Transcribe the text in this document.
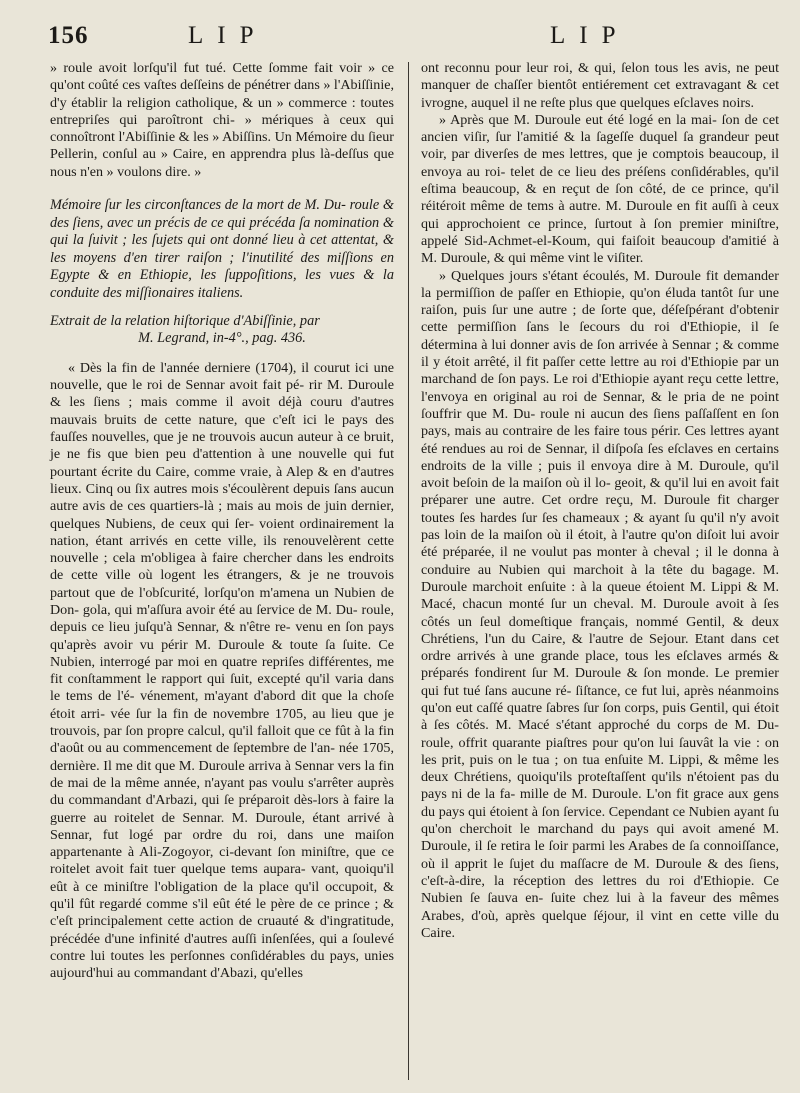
156	LIP	LIP

» roule avoit lorſqu'il fut tué. Cette ſomme fait voir » ce qu'ont coûté ces vaſtes deſſeins de pénétrer dans » l'Abiſſinie, d'y établir la religion catholique, & un » commerce : toutes entrepriſes qui paroîtront chi- » mériques à ceux qui connoîtront l'Abiſſinie & les » Abiſſins. Un Mémoire du ſieur Pellerin, conſul au » Caire, en apprendra plus là-deſſus que nous n'en » voulons dire. »

Mémoire ſur les circonſtances de la mort de M. Du- roule & des ſiens, avec un précis de ce qui précéda ſa nomination & qui la ſuivit ; les ſujets qui ont donné lieu à cet attentat, & les moyens d'en tirer raiſon ; l'inutilité des miſſions en Egypte & en Ethiopie, les ſuppoſitions, les vues & la conduite des miſſionaires italiens.

Extrait de la relation hiſtorique d'Abiſſinie, par
M. Legrand, in-4°., pag. 436.

« Dès la fin de l'année derniere (1704), il courut ici une nouvelle, que le roi de Sennar avoit fait pé- rir M. Duroule & les ſiens ; mais comme il avoit déjà couru d'autres mauvais bruits de cette nature, que c'eſt ici le pays des fauſſes nouvelles, que je ne trouvois aucun auteur à ce bruit, je ne fis que bien peu d'attention à une nouvelle qui fut pourtant écrite du Caire, comme vraie, à Alep & en d'autres lieux. Cinq ou ſix autres mois s'écoulèrent depuis ſans aucun autre avis de ces quartiers-là ; mais au mois de juin dernier, quelques Nubiens, de ceux qui ſer- voient ordinairement la nation, étant arrivés en cette ville, ils renouvelèrent cette nouvelle ; cela m'obligea à faire chercher dans les endroits de cette ville où logent les étrangers, & je ne trouvois partout que de l'obſcurité, lorſqu'on m'amena un Nubien de Don- gola, qui m'aſſura avoir été au ſervice de M. Du- roule, depuis ce lieu juſqu'à Sennar, & n'être re- venu en ſon pays qu'après avoir vu périr M. Duroule & toute ſa ſuite. Ce Nubien, interrogé par moi en quatre repriſes différentes, me fit conſtamment le rapport qui ſuit, excepté qu'il varia dans le tems de l'é- vénement, m'ayant d'abord dit que la choſe étoit arri- vée ſur la fin de novembre 1705, au lieu que je trouvois, par ſon propre calcul, qu'il falloit que ce fût à la fin d'août ou au commencement de ſeptembre de l'an- née 1705, dernière. Il me dit que M. Duroule arriva à Sennar vers la fin de mai de la même année, n'ayant pas voulu s'arrêter auprès du commandant d'Arbazi, qui ſe préparoit dès-lors à faire la guerre au roitelet de Sennar. M. Duroule, étant arrivé à Sennar, fut logé par ordre du roi, dans une maiſon appartenante à Ali-Zogoyor, ci-devant ſon miniſtre, que ce roitelet avoit fait tuer quelque tems aupara- vant, quoiqu'il eût à ce miniſtre l'obligation de la place qu'il occupoit, & qu'il fût regardé comme s'il eût été le père de ce prince ; & c'eſt principalement cette action de cruauté & d'ingratitude, précédée d'une infinité d'autres auſſi inſenſées, qui a ſoulevé contre lui toutes les perſonnes conſidérables du pays, unies aujourd'hui au commandant d'Abazi, qu'elles

ont reconnu pour leur roi, & qui, ſelon tous les avis, ne peut manquer de chaſſer bientôt entiérement cet extravagant & cet ivrogne, auquel il ne reſte plus que quelques eſclaves noirs.

» Après que M. Duroule eut été logé en la mai- ſon de cet ancien viſir, ſur l'amitié & la ſageſſe duquel ſa grandeur peut voir, par diverſes de mes lettres, que je comptois beaucoup, il envoya au roi- telet de ce lieu des préſens conſidérables, qu'il eſtima beaucoup, & en reçut de ſon côté, de ce prince, qu'il réitéroit même de tems à autre. M. Duroule en fit auſſi à ceux qui approchoient ce prince, ſurtout à ſon premier miniſtre, appelé Sid-Achmet-el-Koum, qui faiſoit beaucoup d'amitié à M. Duroule, & qui même vint le viſiter.

» Quelques jours s'étant écoulés, M. Duroule fit demander la permiſſion de paſſer en Ethiopie, qu'on éluda tantôt ſur une raiſon, puis ſur une autre ; de ſorte que, déſeſpérant d'obtenir cette permiſſion ſans le ſecours du roi d'Ethiopie, il ſe détermina à lui donner avis de ſon arrivée à Sennar ; & comme il y étoit arrêté, il fit paſſer cette lettre au roi d'Ethiopie par un marchand de ſon pays. Le roi d'Ethiopie ayant reçu cette lettre, l'envoya en original au roi de Sennar, & le pria de ne point ſouffrir que M. Du- roule ni aucun des ſiens paſſaſſent en ſon pays, mais au contraire de les faire tous périr. Ces lettres ayant été rendues au roi de Sennar, il diſpoſa ſes eſclaves en certains endroits de la ville ; puis il envoya dire à M. Duroule, qu'il avoit beſoin de la maiſon où il lo- geoit, & qu'il lui en avoit fait préparer une autre. Cet ordre reçu, M. Duroule fit charger toutes ſes hardes ſur ſes chameaux ; & ayant ſu qu'il n'y avoit pas loin de la maiſon où il étoit, à l'autre qu'on diſoit lui avoir été préparée, il ne voulut pas monter à cheval ; il le donna à conduire au Nubien qui marchoit à la tête du bagage. M. Duroule marchoit enſuite : à la queue étoient M. Lippi & M. Macé, chacun monté ſur un cheval. M. Duroule avoit à ſes côtés un ſeul domeſtique français, nommé Gentil, & deux Chrétiens, l'un du Caire, & l'autre de Sejour. Etant dans cet ordre arrivés à une grande place, tous les eſclaves armés & préparés fondirent ſur M. Duroule & ſon monde. Le premier qui fut tué ſans aucune ré- ſiſtance, ce fut lui, après néanmoins qu'on eut caſſé quatre ſabres ſur ſon corps, puis Gentil, qui étoit à ſes côtés. M. Macé s'étant approché du corps de M. Du- roule, offrit quarante piaſtres pour qu'on lui ſauvât la vie : on les prit, puis on le tua ; on tua enſuite M. Lippi, & même les deux Chrétiens, quoiqu'ils proteſtaſſent qu'ils n'étoient pas du pays ni de la fa- mille de M. Duroule. L'on fit grace aux gens du pays qui étoient à ſon ſervice. Cependant ce Nubien ayant ſu qu'on cherchoit le marchand du pays qui avoit amené M. Duroule, il ſe retira le ſoir parmi les Arabes de ſa connoiſſance, où il apprit le ſujet du maſſacre de M. Duroule & des ſiens, c'eſt-à-dire, la réception des lettres du roi d'Ethiopie. Ce Nubien ſe ſauva en- ſuite chez lui à la faveur des mêmes Arabes, d'où, après quelque ſéjour, il vint en cette ville du Caire.
